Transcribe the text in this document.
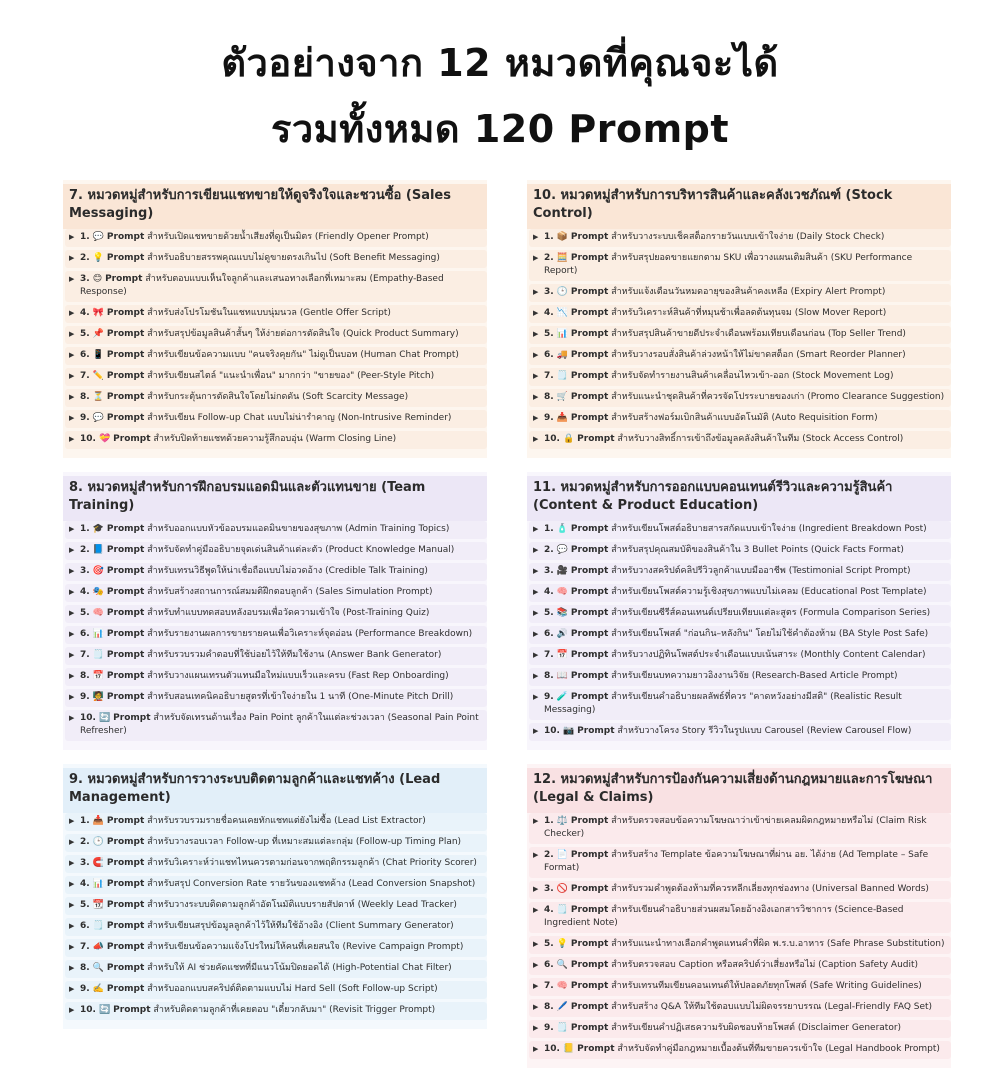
ตัวอย่างจาก 12 หมวดที่คุณจะได้
รวมทั้งหมด 120 Prompt
7. หมวดหมู่สำหรับการเขียนแชทขายให้ดูจริงใจและชวนซื้อ (Sales Messaging)
▶ 1. 💬 Prompt สำหรับเปิดแชทขายด้วยน้ำเสียงที่ดูเป็นมิตร (Friendly Opener Prompt)
▶ 2. 💡 Prompt สำหรับอธิบายสรรพคุณแบบไม่ดูขายตรงเกินไป (Soft Benefit Messaging)
▶ 3. 😊 Prompt สำหรับตอบแบบเห็นใจลูกค้าและเสนอทางเลือกที่เหมาะสม (Empathy-Based Response)
▶ 4. 🎀 Prompt สำหรับส่งโปรโมชันในแชทแบบนุ่มนวล (Gentle Offer Script)
▶ 5. 📌 Prompt สำหรับสรุปข้อมูลสินค้าสั้นๆ ให้ง่ายต่อการตัดสินใจ (Quick Product Summary)
▶ 6. 📱 Prompt สำหรับเขียนข้อความแบบ "คนจริงคุยกัน" ไม่ดูเป็นบอท (Human Chat Prompt)
▶ 7. ✏️ Prompt สำหรับเขียนสไตล์ "แนะนำเพื่อน" มากกว่า "ขายของ" (Peer-Style Pitch)
▶ 8. ⏳ Prompt สำหรับกระตุ้นการตัดสินใจโดยไม่กดดัน (Soft Scarcity Message)
▶ 9. 💬 Prompt สำหรับเขียน Follow-up Chat แบบไม่น่ารำคาญ (Non-Intrusive Reminder)
▶ 10. 💝 Prompt สำหรับปิดท้ายแชทด้วยความรู้สึกอบอุ่น (Warm Closing Line)
8. หมวดหมู่สำหรับการฝึกอบรมแอดมินและตัวแทนขาย (Team Training)
▶ 1. 🎓 Prompt สำหรับออกแบบหัวข้ออบรมแอดมินขายของสุขภาพ (Admin Training Topics)
▶ 2. 📘 Prompt สำหรับจัดทำคู่มืออธิบายจุดเด่นสินค้าแต่ละตัว (Product Knowledge Manual)
▶ 3. 🎯 Prompt สำหรับเทรนวิธีพูดให้น่าเชื่อถือแบบไม่อวดอ้าง (Credible Talk Training)
▶ 4. 🎭 Prompt สำหรับสร้างสถานการณ์สมมติฝึกตอบลูกค้า (Sales Simulation Prompt)
▶ 5. 🧠 Prompt สำหรับทำแบบทดสอบหลังอบรมเพื่อวัดความเข้าใจ (Post-Training Quiz)
▶ 6. 📊 Prompt สำหรับรายงานผลการขายรายคนเพื่อวิเคราะห์จุดอ่อน (Performance Breakdown)
▶ 7. 🗒️ Prompt สำหรับรวบรวมคำตอบที่ใช้บ่อยไว้ให้ทีมใช้งาน (Answer Bank Generator)
▶ 8. 📅 Prompt สำหรับวางแผนเทรนตัวแทนมือใหม่แบบเร็วและครบ (Fast Rep Onboarding)
▶ 9. 🧑‍🏫 Prompt สำหรับสอนเทคนิคอธิบายสูตรที่เข้าใจง่ายใน 1 นาที (One-Minute Pitch Drill)
▶ 10. 🔄 Prompt สำหรับจัดเทรนด้านเรื่อง Pain Point ลูกค้าในแต่ละช่วงเวลา (Seasonal Pain Point Refresher)
9. หมวดหมู่สำหรับการวางระบบติดตามลูกค้าและแชทค้าง (Lead Management)
▶ 1. 📥 Prompt สำหรับรวบรวมรายชื่อคนเคยทักแชทแต่ยังไม่ซื้อ (Lead List Extractor)
▶ 2. 🕒 Prompt สำหรับวางรอบเวลา Follow-up ที่เหมาะสมแต่ละกลุ่ม (Follow-up Timing Plan)
▶ 3. 🧲 Prompt สำหรับวิเคราะห์ว่าแชทไหนควรตามก่อนจากพฤติกรรมลูกค้า (Chat Priority Scorer)
▶ 4. 📊 Prompt สำหรับสรุป Conversion Rate รายวันของแชทค้าง (Lead Conversion Snapshot)
▶ 5. 📆 Prompt สำหรับวางระบบติดตามลูกค้าอัตโนมัติแบบรายสัปดาห์ (Weekly Lead Tracker)
▶ 6. 🗒️ Prompt สำหรับเขียนสรุปข้อมูลลูกค้าไว้ให้ทีมใช้อ้างอิง (Client Summary Generator)
▶ 7. 📣 Prompt สำหรับเขียนข้อความแจ้งโปรใหม่ให้คนที่เคยสนใจ (Revive Campaign Prompt)
▶ 8. 🔍 Prompt สำหรับให้ AI ช่วยคัดแชทที่มีแนวโน้มปิดยอดได้ (High-Potential Chat Filter)
▶ 9. ✍️ Prompt สำหรับออกแบบสคริปต์ติดตามแบบไม่ Hard Sell (Soft Follow-up Script)
▶ 10. 🔄 Prompt สำหรับติดตามลูกค้าที่เคยตอบ "เดี๋ยวกลับมา" (Revisit Trigger Prompt)
10. หมวดหมู่สำหรับการบริหารสินค้าและคลังเวชภัณฑ์ (Stock Control)
▶ 1. 📦 Prompt สำหรับวางระบบเช็คสต็อกรายวันแบบเข้าใจง่าย (Daily Stock Check)
▶ 2. 🧮 Prompt สำหรับสรุปยอดขายแยกตาม SKU เพื่อวางแผนเติมสินค้า (SKU Performance Report)
▶ 3. 🕒 Prompt สำหรับแจ้งเตือนวันหมดอายุของสินค้าคงเหลือ (Expiry Alert Prompt)
▶ 4. 📉 Prompt สำหรับวิเคราะห์สินค้าที่หมุนช้าเพื่อลดต้นทุนจม (Slow Mover Report)
▶ 5. 📊 Prompt สำหรับสรุปสินค้าขายดีประจำเดือนพร้อมเทียบเดือนก่อน (Top Seller Trend)
▶ 6. 🚚 Prompt สำหรับวางรอบสั่งสินค้าล่วงหน้าให้ไม่ขาดสต็อก (Smart Reorder Planner)
▶ 7. 🗒️ Prompt สำหรับจัดทำรายงานสินค้าเคลื่อนไหวเข้า-ออก (Stock Movement Log)
▶ 8. 🛒 Prompt สำหรับแนะนำชุดสินค้าที่ควรจัดโปรระบายของเก่า (Promo Clearance Suggestion)
▶ 9. 📥 Prompt สำหรับสร้างฟอร์มเบิกสินค้าแบบอัตโนมัติ (Auto Requisition Form)
▶ 10. 🔒 Prompt สำหรับวางสิทธิ์การเข้าถึงข้อมูลคลังสินค้าในทีม (Stock Access Control)
11. หมวดหมู่สำหรับการออกแบบคอนเทนต์รีวิวและความรู้สินค้า (Content & Product Education)
▶ 1. 🧴 Prompt สำหรับเขียนโพสต์อธิบายสารสกัดแบบเข้าใจง่าย (Ingredient Breakdown Post)
▶ 2. 💬 Prompt สำหรับสรุปคุณสมบัติของสินค้าใน 3 Bullet Points (Quick Facts Format)
▶ 3. 🎥 Prompt สำหรับวางสคริปต์คลิปรีวิวลูกค้าแบบมืออาชีพ (Testimonial Script Prompt)
▶ 4. 🧠 Prompt สำหรับเขียนโพสต์ความรู้เชิงสุขภาพแบบไม่เคลม (Educational Post Template)
▶ 5. 📚 Prompt สำหรับเขียนซีรีส์คอนเทนต์เปรียบเทียบแต่ละสูตร (Formula Comparison Series)
▶ 6. 🔊 Prompt สำหรับเขียนโพสต์ "ก่อนกิน–หลังกิน" โดยไม่ใช้คำต้องห้าม (BA Style Post Safe)
▶ 7. 📅 Prompt สำหรับวางปฏิทินโพสต์ประจำเดือนแบบเน้นสาระ (Monthly Content Calendar)
▶ 8. 📖 Prompt สำหรับเขียนบทความยาวอิงงานวิจัย (Research-Based Article Prompt)
▶ 9. 🧪 Prompt สำหรับเขียนคำอธิบายผลลัพธ์ที่ควร "คาดหวังอย่างมีสติ" (Realistic Result Messaging)
▶ 10. 📷 Prompt สำหรับวางโครง Story รีวิวในรูปแบบ Carousel (Review Carousel Flow)
12. หมวดหมู่สำหรับการป้องกันความเสี่ยงด้านกฎหมายและการโฆษณา (Legal & Claims)
▶ 1. ⚖️ Prompt สำหรับตรวจสอบข้อความโฆษณาว่าเข้าข่ายเคลมผิดกฎหมายหรือไม่ (Claim Risk Checker)
▶ 2. 📄 Prompt สำหรับสร้าง Template ข้อความโฆษณาที่ผ่าน อย. ได้ง่าย (Ad Template – Safe Format)
▶ 3. 🚫 Prompt สำหรับรวมคำพูดต้องห้ามที่ควรหลีกเลี่ยงทุกช่องทาง (Universal Banned Words)
▶ 4. 🗒️ Prompt สำหรับเขียนคำอธิบายส่วนผสมโดยอ้างอิงเอกสารวิชาการ (Science-Based Ingredient Note)
▶ 5. 💡 Prompt สำหรับแนะนำทางเลือกคำพูดแทนคำที่ผิด พ.ร.บ.อาหาร (Safe Phrase Substitution)
▶ 6. 🔍 Prompt สำหรับตรวจสอบ Caption หรือสคริปต์ว่าเสี่ยงหรือไม่ (Caption Safety Audit)
▶ 7. 🧠 Prompt สำหรับเทรนทีมเขียนคอนเทนต์ให้ปลอดภัยทุกโพสต์ (Safe Writing Guidelines)
▶ 8. 🖊️ Prompt สำหรับสร้าง Q&A ให้ทีมใช้ตอบแบบไม่ผิดจรรยาบรรณ (Legal-Friendly FAQ Set)
▶ 9. 🗒️ Prompt สำหรับเขียนคำปฏิเสธความรับผิดชอบท้ายโพสต์ (Disclaimer Generator)
▶ 10. 📒 Prompt สำหรับจัดทำคู่มือกฎหมายเบื้องต้นที่ทีมขายควรเข้าใจ (Legal Handbook Prompt)
